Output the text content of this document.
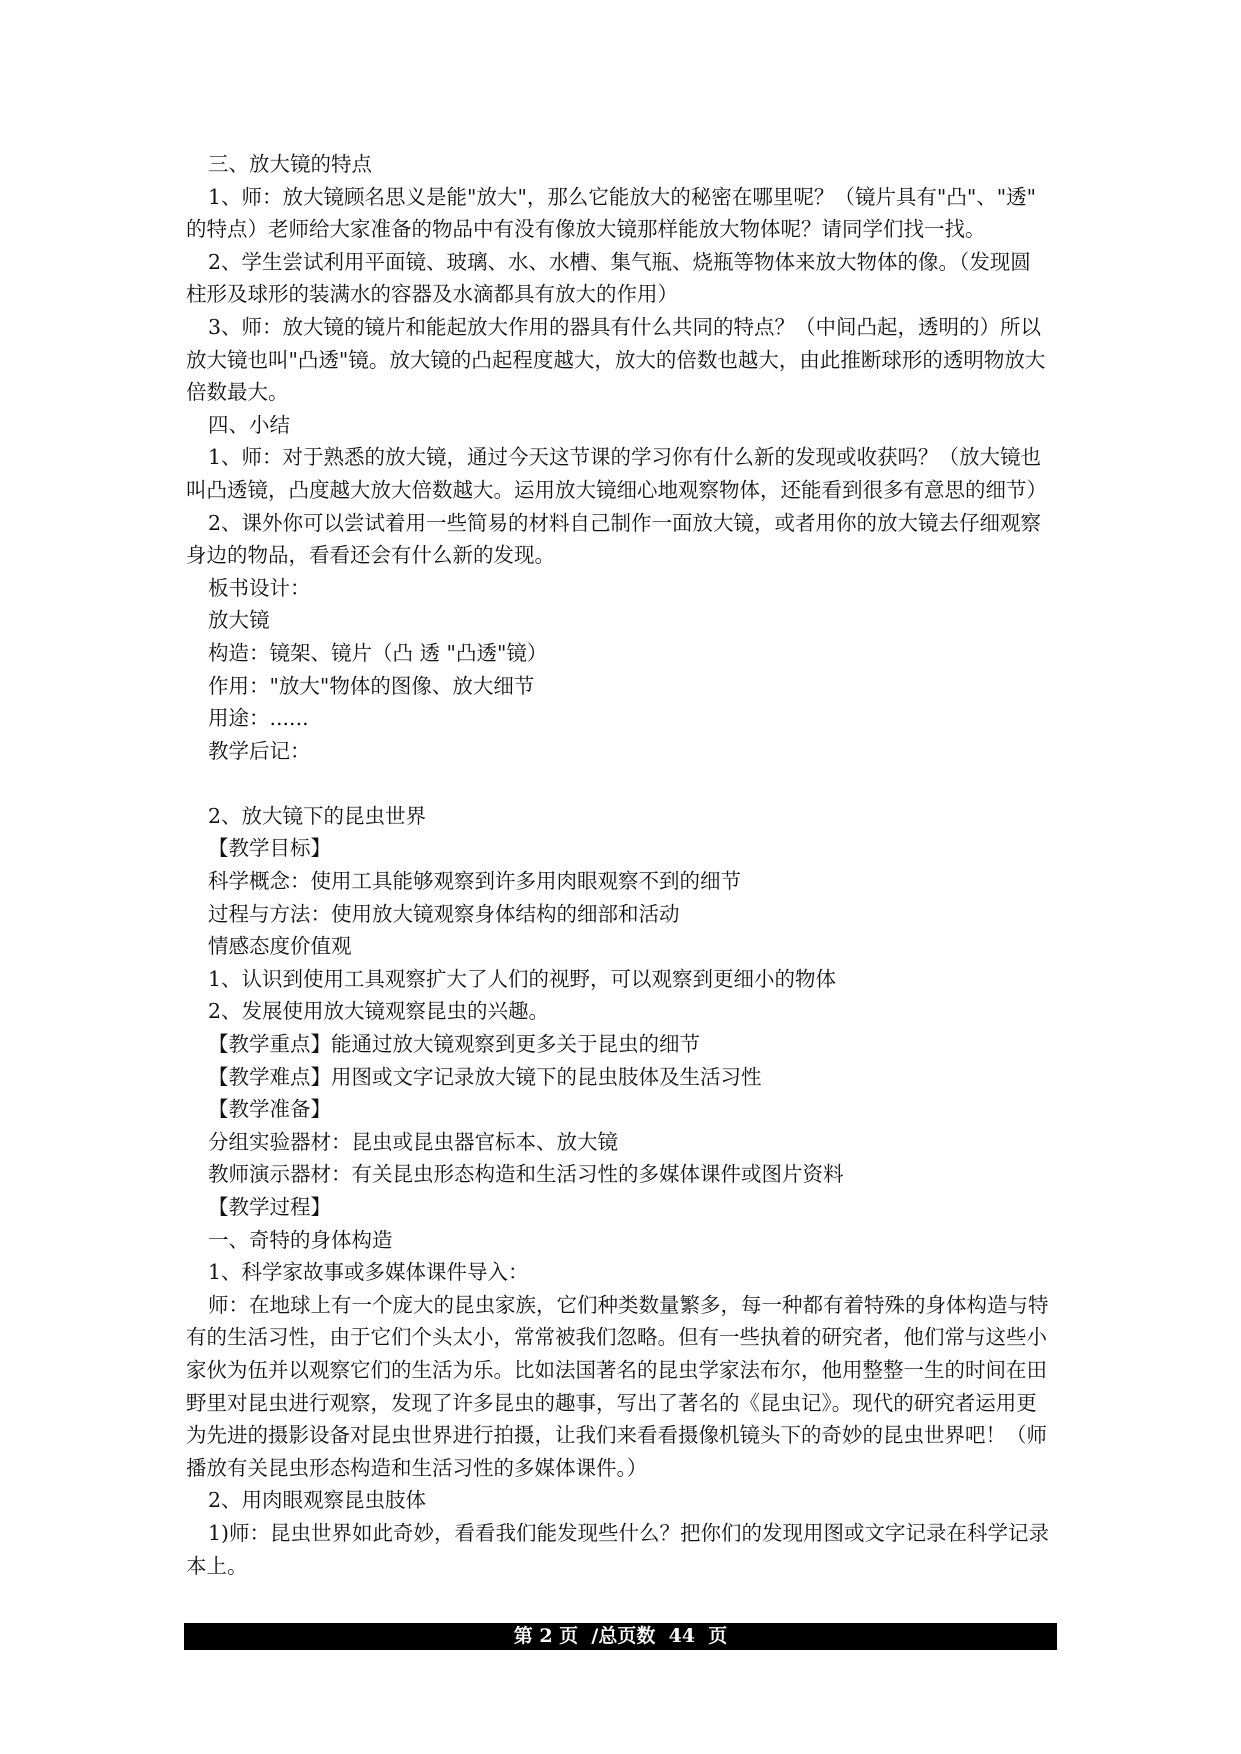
三、放大镜的特点
1、师：放大镜顾名思义是能"放大"，那么它能放大的秘密在哪里呢？（镜片具有"凸"、"透"
的特点）老师给大家准备的物品中有没有像放大镜那样能放大物体呢？请同学们找一找。
2、学生尝试利用平面镜、玻璃、水、水槽、集气瓶、烧瓶等物体来放大物体的像。（发现圆
柱形及球形的装满水的容器及水滴都具有放大的作用）
3、师：放大镜的镜片和能起放大作用的器具有什么共同的特点？（中间凸起，透明的）所以
放大镜也叫"凸透"镜。放大镜的凸起程度越大，放大的倍数也越大，由此推断球形的透明物放大
倍数最大。
四、小结
1、师：对于熟悉的放大镜，通过今天这节课的学习你有什么新的发现或收获吗？（放大镜也
叫凸透镜，凸度越大放大倍数越大。运用放大镜细心地观察物体，还能看到很多有意思的细节）
2、课外你可以尝试着用一些简易的材料自己制作一面放大镜，或者用你的放大镜去仔细观察
身边的物品，看看还会有什么新的发现。
板书设计：
放大镜
构造：镜架、镜片（凸 透 "凸透"镜）
作用："放大"物体的图像、放大细节
用途：......
教学后记：
2、放大镜下的昆虫世界
【教学目标】
科学概念：使用工具能够观察到许多用肉眼观察不到的细节
过程与方法：使用放大镜观察身体结构的细部和活动
情感态度价值观
1、认识到使用工具观察扩大了人们的视野，可以观察到更细小的物体
2、发展使用放大镜观察昆虫的兴趣。
【教学重点】能通过放大镜观察到更多关于昆虫的细节
【教学难点】用图或文字记录放大镜下的昆虫肢体及生活习性
【教学准备】
分组实验器材：昆虫或昆虫器官标本、放大镜
教师演示器材：有关昆虫形态构造和生活习性的多媒体课件或图片资料
【教学过程】
一、奇特的身体构造
1、科学家故事或多媒体课件导入：
师：在地球上有一个庞大的昆虫家族，它们种类数量繁多，每一种都有着特殊的身体构造与特
有的生活习性，由于它们个头太小，常常被我们忽略。但有一些执着的研究者，他们常与这些小
家伙为伍并以观察它们的生活为乐。比如法国著名的昆虫学家法布尔，他用整整一生的时间在田
野里对昆虫进行观察，发现了许多昆虫的趣事，写出了著名的《昆虫记》。现代的研究者运用更
为先进的摄影设备对昆虫世界进行拍摄，让我们来看看摄像机镜头下的奇妙的昆虫世界吧！（师
播放有关昆虫形态构造和生活习性的多媒体课件。）
2、用肉眼观察昆虫肢体
1)师：昆虫世界如此奇妙，看看我们能发现些什么？把你们的发现用图或文字记录在科学记录
本上。
第 2 页  /总页数  44  页
